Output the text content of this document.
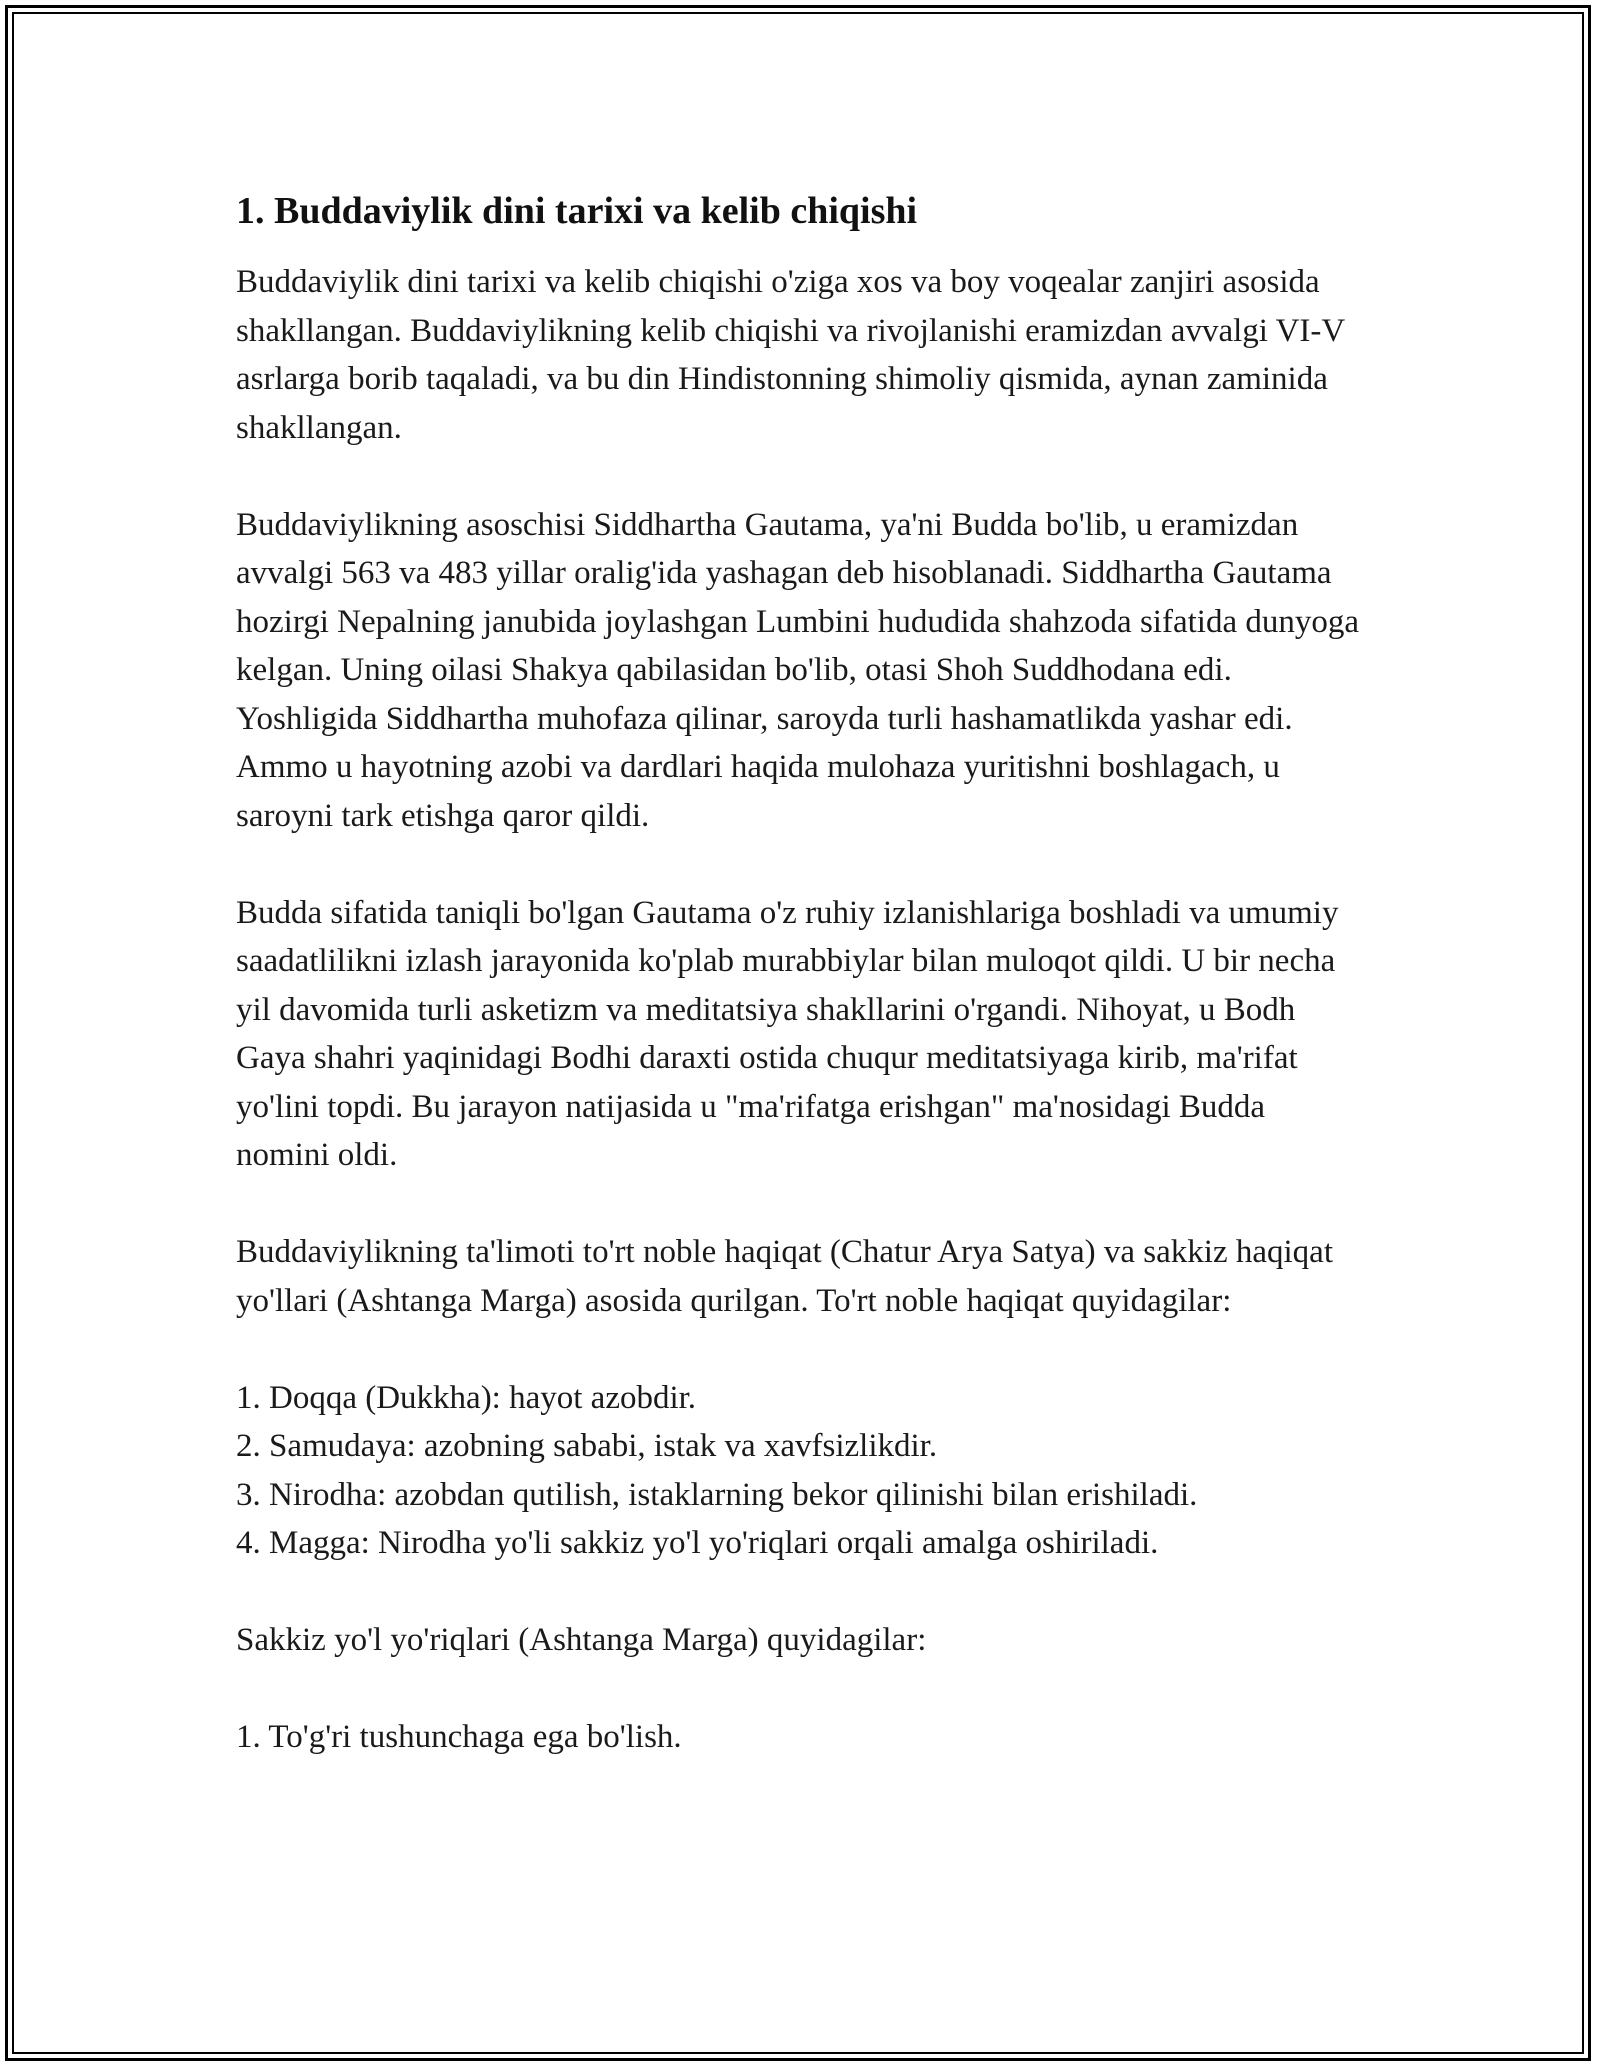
1. Buddaviylik dini tarixi va kelib chiqishi

Buddaviylik dini tarixi va kelib chiqishi o'ziga xos va boy voqealar zanjiri asosida shakllangan. Buddaviylikning kelib chiqishi va rivojlanishi eramizdan avvalgi VI-V asrlarga borib taqaladi, va bu din Hindistonning shimoliy qismida, aynan zaminida shakllangan.

Buddaviylikning asoschisi Siddhartha Gautama, ya'ni Budda bo'lib, u eramizdan avvalgi 563 va 483 yillar oralig'ida yashagan deb hisoblanadi. Siddhartha Gautama hozirgi Nepalning janubida joylashgan Lumbini hududida shahzoda sifatida dunyoga kelgan. Uning oilasi Shakya qabilasidan bo'lib, otasi Shoh Suddhodana edi. Yoshligida Siddhartha muhofaza qilinar, saroyda turli hashamatlikda yashar edi. Ammo u hayotning azobi va dardlari haqida mulohaza yuritishni boshlagach, u saroyni tark etishga qaror qildi.

Budda sifatida taniqli bo'lgan Gautama o'z ruhiy izlanishlariga boshladi va umumiy saadatlilikni izlash jarayonida ko'plab murabbiylar bilan muloqot qildi. U bir necha yil davomida turli asketizm va meditatsiya shakllarini o'rgandi. Nihoyat, u Bodh Gaya shahri yaqinidagi Bodhi daraxti ostida chuqur meditatsiyaga kirib, ma'rifat yo'lini topdi. Bu jarayon natijasida u "ma'rifatga erishgan" ma'nosidagi Budda nomini oldi.

Buddaviylikning ta'limoti to'rt noble haqiqat (Chatur Arya Satya) va sakkiz haqiqat yo'llari (Ashtanga Marga) asosida qurilgan. To'rt noble haqiqat quyidagilar:

1. Doqqa (Dukkha): hayot azobdir.
2. Samudaya: azobning sababi, istak va xavfsizlikdir.
3. Nirodha: azobdan qutilish, istaklarning bekor qilinishi bilan erishiladi.
4. Magga: Nirodha yo'li sakkiz yo'l yo'riqlari orqali amalga oshiriladi.

Sakkiz yo'l yo'riqlari (Ashtanga Marga) quyidagilar:

1. To'g'ri tushunchaga ega bo'lish.
